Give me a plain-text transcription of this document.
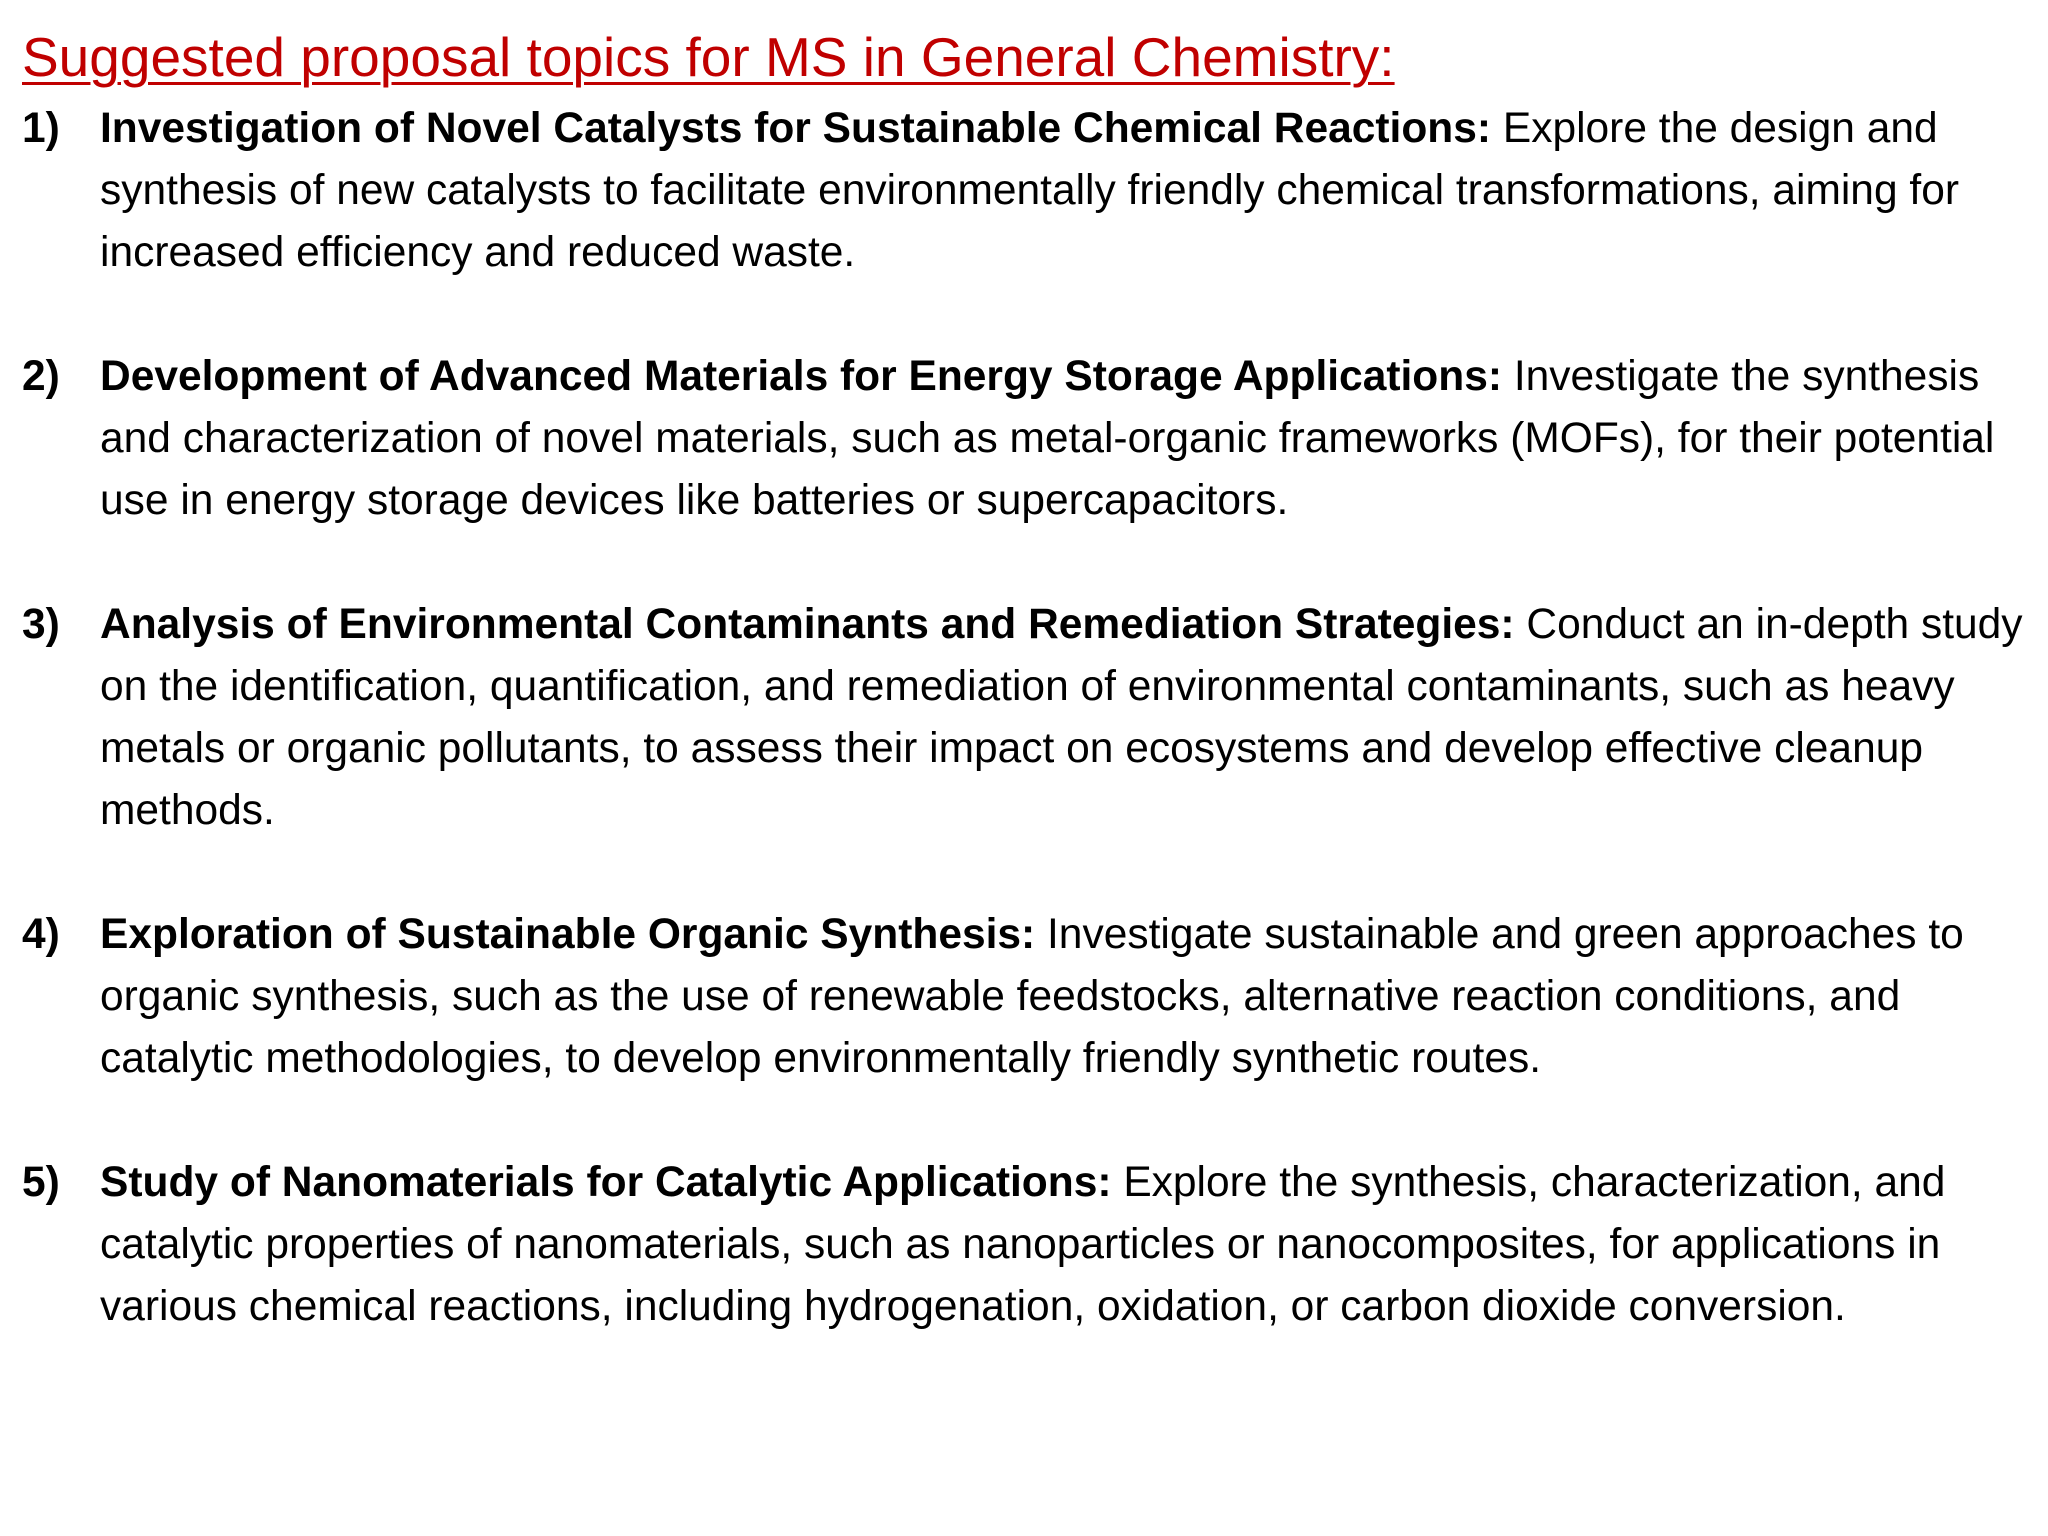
Suggested proposal topics for MS in General Chemistry:
1) Investigation of Novel Catalysts for Sustainable Chemical Reactions: Explore the design and synthesis of new catalysts to facilitate environmentally friendly chemical transformations, aiming for increased efficiency and reduced waste.
2) Development of Advanced Materials for Energy Storage Applications: Investigate the synthesis and characterization of novel materials, such as metal-organic frameworks (MOFs), for their potential use in energy storage devices like batteries or supercapacitors.
3) Analysis of Environmental Contaminants and Remediation Strategies: Conduct an in-depth study on the identification, quantification, and remediation of environmental contaminants, such as heavy metals or organic pollutants, to assess their impact on ecosystems and develop effective cleanup methods.
4) Exploration of Sustainable Organic Synthesis: Investigate sustainable and green approaches to organic synthesis, such as the use of renewable feedstocks, alternative reaction conditions, and catalytic methodologies, to develop environmentally friendly synthetic routes.
5) Study of Nanomaterials for Catalytic Applications: Explore the synthesis, characterization, and catalytic properties of nanomaterials, such as nanoparticles or nanocomposites, for applications in various chemical reactions, including hydrogenation, oxidation, or carbon dioxide conversion.
